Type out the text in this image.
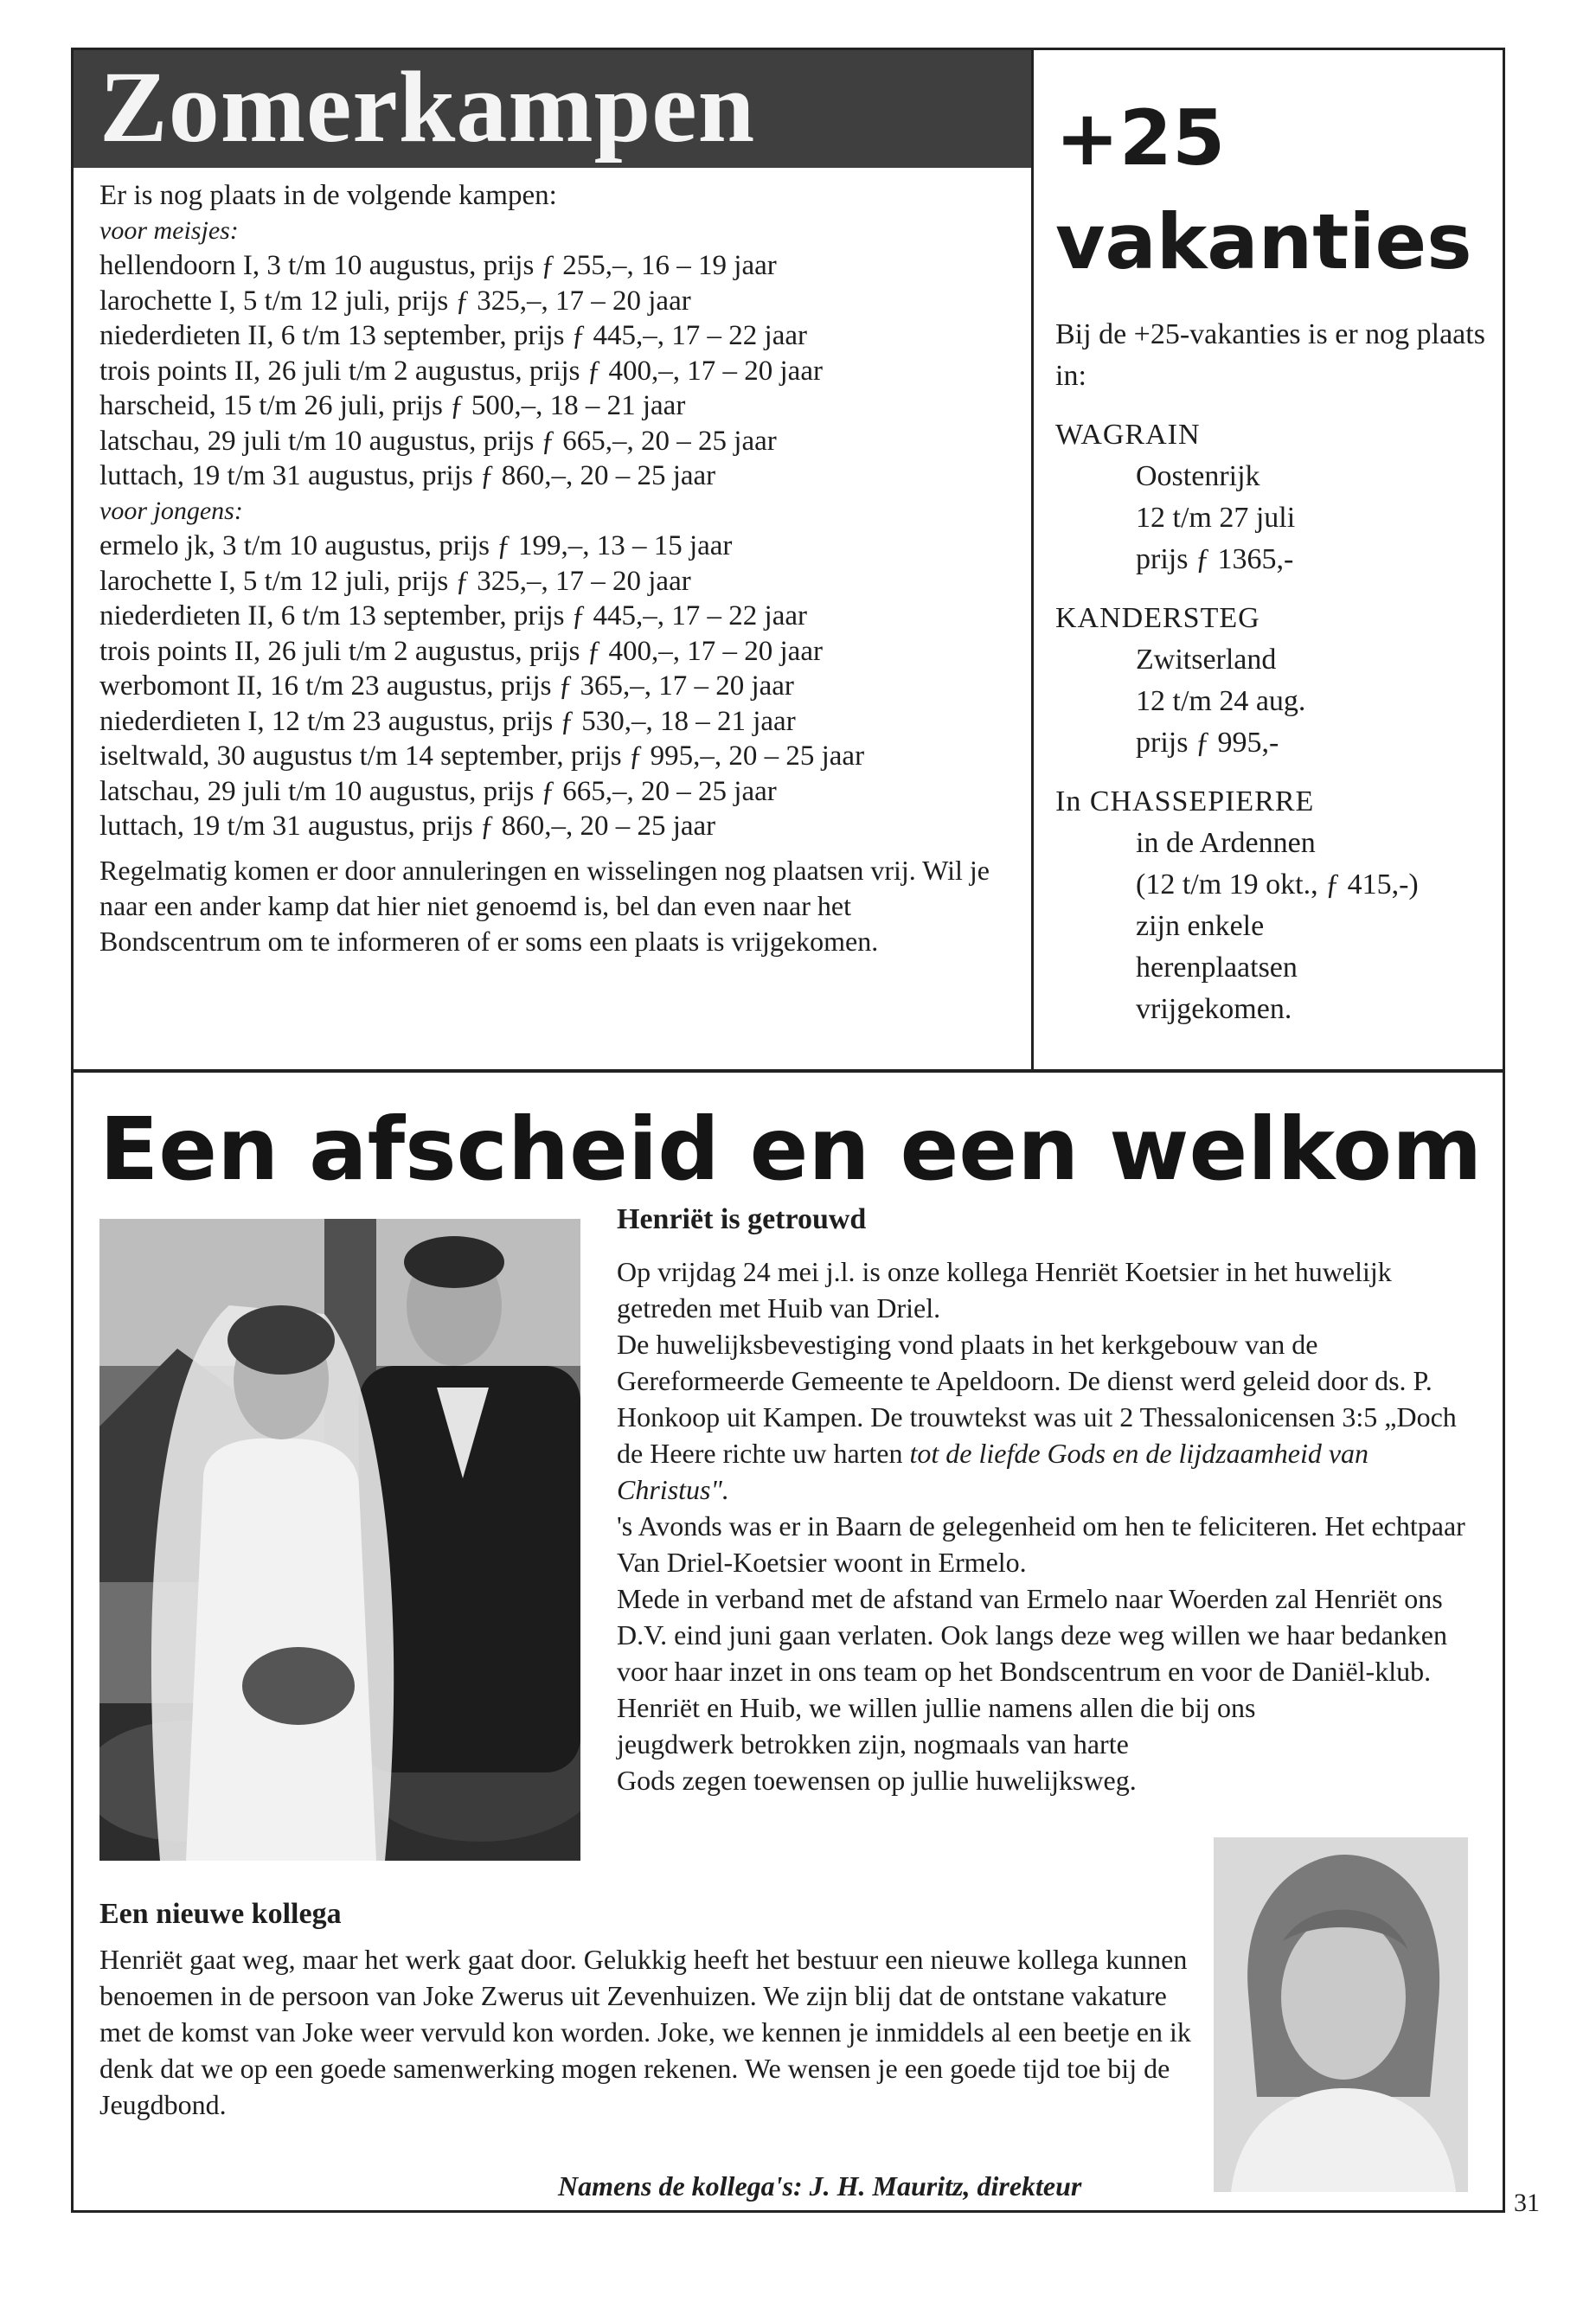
Zomerkampen
Er is nog plaats in de volgende kampen:
voor meisjes:
hellendoorn I, 3 t/m 10 augustus, prijs ƒ 255,–, 16 – 19 jaar
larochette I, 5 t/m 12 juli, prijs ƒ 325,–, 17 – 20 jaar
niederdieten II, 6 t/m 13 september, prijs ƒ 445,–, 17 – 22 jaar
trois points II, 26 juli t/m 2 augustus, prijs ƒ 400,–, 17 – 20 jaar
harscheid, 15 t/m 26 juli, prijs ƒ 500,–, 18 – 21 jaar
latschau, 29 juli t/m 10 augustus, prijs ƒ 665,–, 20 – 25 jaar
luttach, 19 t/m 31 augustus, prijs ƒ 860,–, 20 – 25 jaar
voor jongens:
ermelo jk, 3 t/m 10 augustus, prijs ƒ 199,–, 13 – 15 jaar
larochette I, 5 t/m 12 juli, prijs ƒ 325,–, 17 – 20 jaar
niederdieten II, 6 t/m 13 september, prijs ƒ 445,–, 17 – 22 jaar
trois points II, 26 juli t/m 2 augustus, prijs ƒ 400,–, 17 – 20 jaar
werbomont II, 16 t/m 23 augustus, prijs ƒ 365,–, 17 – 20 jaar
niederdieten I, 12 t/m 23 augustus, prijs ƒ 530,–, 18 – 21 jaar
iseltwald, 30 augustus t/m 14 september, prijs ƒ 995,–, 20 – 25 jaar
latschau, 29 juli t/m 10 augustus, prijs ƒ 665,–, 20 – 25 jaar
luttach, 19 t/m 31 augustus, prijs ƒ 860,–, 20 – 25 jaar
Regelmatig komen er door annuleringen en wisselingen nog plaatsen vrij. Wil je naar een ander kamp dat hier niet genoemd is, bel dan even naar het Bondscentrum om te informeren of er soms een plaats is vrijgekomen.
+25
vakanties
Bij de +25-vakanties is er nog plaats in:
WAGRAIN
Oostenrijk
12 t/m 27 juli
prijs ƒ 1365,-
KANDERSTEG
Zwitserland
12 t/m 24 aug.
prijs ƒ 995,-
In CHASSEPIERRE
in de Ardennen
(12 t/m 19 okt., ƒ 415,-)
zijn enkele
herenplaatsen
vrijgekomen.
Een afscheid en een welkom
Henriët is getrouwd

Op vrijdag 24 mei j.l. is onze kollega Henriët Koetsier in het huwelijk getreden met Huib van Driel.

De huwelijksbevestiging vond plaats in het kerkgebouw van de Gereformeerde Gemeente te Apeldoorn. De dienst werd geleid door ds. P. Honkoop uit Kampen. De trouwtekst was uit 2 Thessalonicensen 3:5 „Doch de Heere richte uw harten tot de liefde Gods en de lijdzaamheid van Christus".

's Avonds was er in Baarn de gelegenheid om hen te feliciteren. Het echtpaar Van Driel-Koetsier woont in Ermelo.

Mede in verband met de afstand van Ermelo naar Woerden zal Henriët ons D.V. eind juni gaan verlaten. Ook langs deze weg willen we haar bedanken voor haar inzet in ons team op het Bondscentrum en voor de Daniël-klub.

Henriët en Huib, we willen jullie namens allen die bij ons

jeugdwerk betrokken zijn, nogmaals van harte Gods zegen toewensen op jullie huwelijksweg.

Een nieuwe kollega
Henriët gaat weg, maar het werk gaat door. Gelukkig heeft het bestuur een nieuwe kollega kunnen benoemen in de persoon van Joke Zwerus uit Zevenhuizen. We zijn blij dat de ontstane vakature met de komst van Joke weer vervuld kon worden. Joke, we kennen je inmiddels al een beetje en ik denk dat we op een goede samenwerking mogen rekenen. We wensen je een goede tijd toe bij de Jeugdbond.
Namens de kollega's: J. H. Mauritz, direkteur
31
